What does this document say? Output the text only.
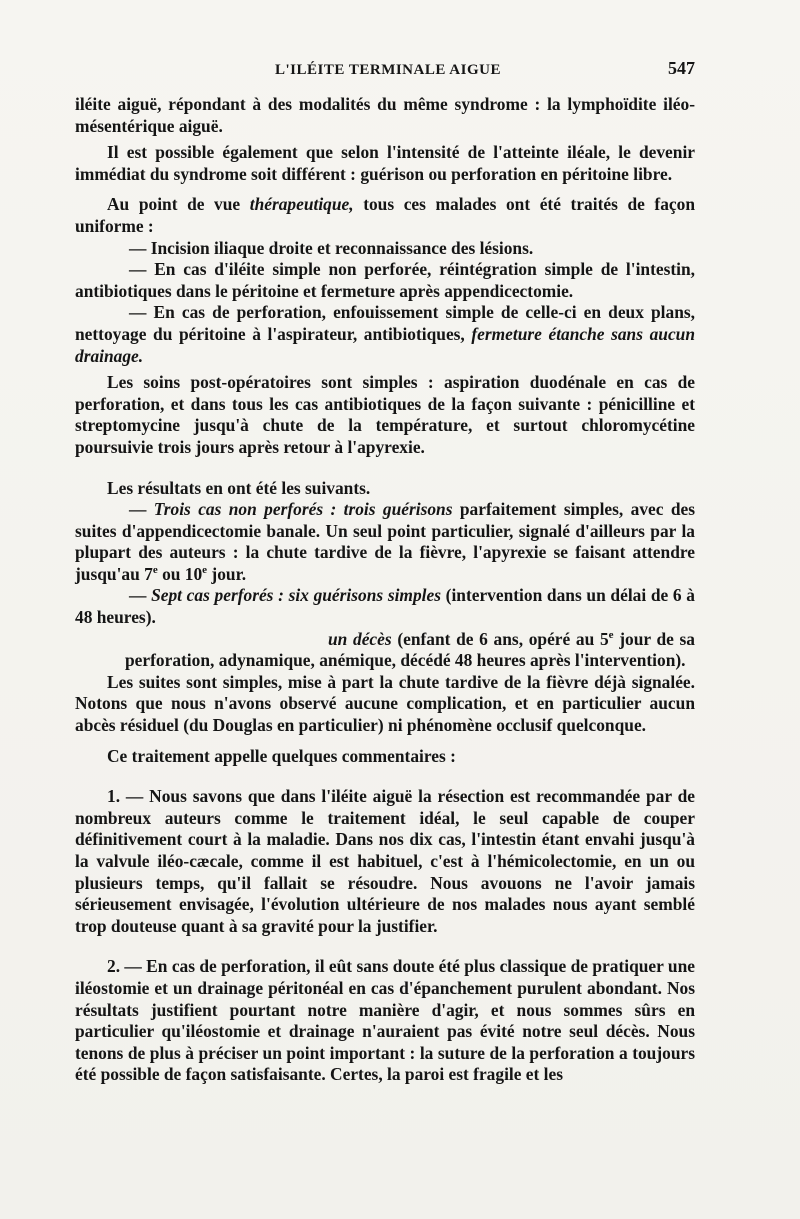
L'ILÉITE TERMINALE AIGUE	547

iléite aiguë, répondant à des modalités du même syndrome : la lymphoïdite iléo-mésentérique aiguë.

Il est possible également que selon l'intensité de l'atteinte iléale, le devenir immédiat du syndrome soit différent : guérison ou perforation en péritoine libre.

Au point de vue thérapeutique, tous ces malades ont été traités de façon uniforme :

— Incision iliaque droite et reconnaissance des lésions.

— En cas d'iléite simple non perforée, réintégration simple de l'intestin, antibiotiques dans le péritoine et fermeture après appendicectomie.

— En cas de perforation, enfouissement simple de celle-ci en deux plans, nettoyage du péritoine à l'aspirateur, antibiotiques, fermeture étanche sans aucun drainage.

Les soins post-opératoires sont simples : aspiration duodénale en cas de perforation, et dans tous les cas antibiotiques de la façon suivante : pénicilline et streptomycine jusqu'à chute de la température, et surtout chloromycétine poursuivie trois jours après retour à l'apyrexie.

Les résultats en ont été les suivants.

— Trois cas non perforés : trois guérisons parfaitement simples, avec des suites d'appendicectomie banale. Un seul point particulier, signalé d'ailleurs par la plupart des auteurs : la chute tardive de la fièvre, l'apyrexie se faisant attendre jusqu'au 7e ou 10e jour.

— Sept cas perforés : six guérisons simples (intervention dans un délai de 6 à 48 heures).

un décès (enfant de 6 ans, opéré au 5e jour de sa perforation, adynamique, anémique, décédé 48 heures après l'intervention).

Les suites sont simples, mise à part la chute tardive de la fièvre déjà signalée. Notons que nous n'avons observé aucune complication, et en particulier aucun abcès résiduel (du Douglas en particulier) ni phénomène occlusif quelconque.

Ce traitement appelle quelques commentaires :

1. — Nous savons que dans l'iléite aiguë la résection est recommandée par de nombreux auteurs comme le traitement idéal, le seul capable de couper définitivement court à la maladie. Dans nos dix cas, l'intestin étant envahi jusqu'à la valvule iléo-cæcale, comme il est habituel, c'est à l'hémicolectomie, en un ou plusieurs temps, qu'il fallait se résoudre. Nous avouons ne l'avoir jamais sérieusement envisagée, l'évolution ultérieure de nos malades nous ayant semblé trop douteuse quant à sa gravité pour la justifier.

2. — En cas de perforation, il eût sans doute été plus classique de pratiquer une iléostomie et un drainage péritonéal en cas d'épanchement purulent abondant. Nos résultats justifient pourtant notre manière d'agir, et nous sommes sûrs en particulier qu'iléostomie et drainage n'auraient pas évité notre seul décès. Nous tenons de plus à préciser un point important : la suture de la perforation a toujours été possible de façon satisfaisante. Certes, la paroi est fragile et les
